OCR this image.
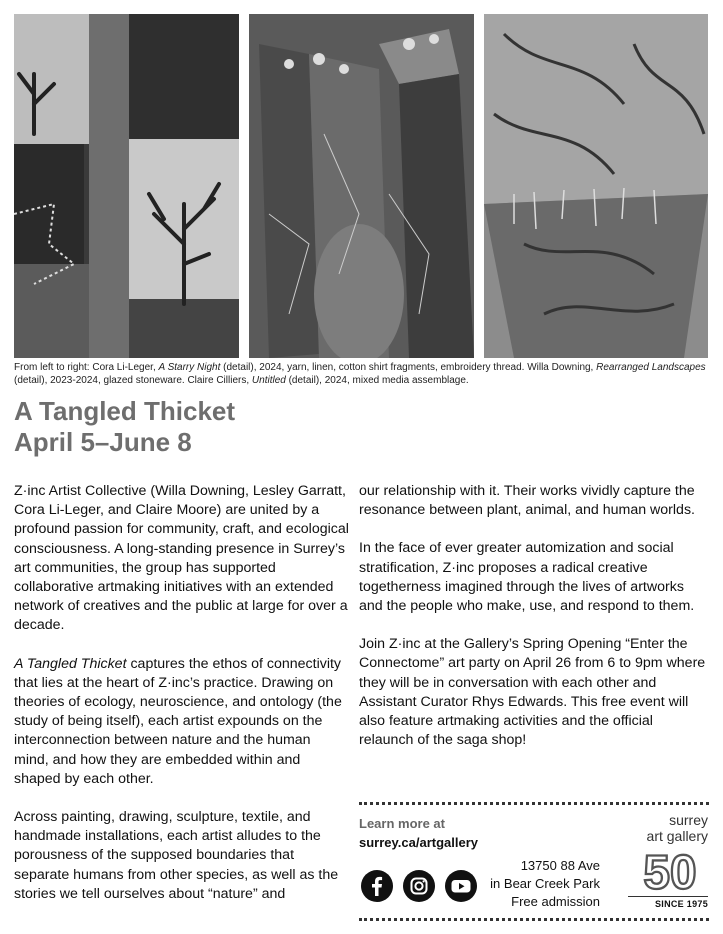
From left to right: Cora Li-Leger, A Starry Night (detail), 2024, yarn, linen, cotton shirt fragments, embroidery thread. Willa Downing, Rearranged Landscapes (detail), 2023-2024, glazed stoneware. Claire Cilliers, Untitled (detail), 2024, mixed media assemblage.
A Tangled Thicket
April 5–June 8

Z·inc Artist Collective (Willa Downing, Lesley Garratt, Cora Li-Leger, and Claire Moore) are united by a profound passion for community, craft, and ecological consciousness. A long-standing presence in Surrey’s art communities, the group has supported collaborative artmaking initiatives with an extended network of creatives and the public at large for over a decade.

A Tangled Thicket captures the ethos of connectivity that lies at the heart of Z·inc’s practice. Drawing on theories of ecology, neuroscience, and ontology (the study of being itself), each artist expounds on the interconnection between nature and the human mind, and how they are embedded within and shaped by each other.

Across painting, drawing, sculpture, textile, and handmade installations, each artist alludes to the porousness of the supposed boundaries that separate humans from other species, as well as the stories we tell ourselves about “nature” and

our relationship with it. Their works vividly capture the resonance between plant, animal, and human worlds.

In the face of ever greater automization and social stratification, Z·inc proposes a radical creative togetherness imagined through the lives of artworks and the people who make, use, and respond to them.

Join Z·inc at the Gallery’s Spring Opening “Enter the Connectome” art party on April 26 from 6 to 9pm where they will be in conversation with each other and Assistant Curator Rhys Edwards. This free event will also feature artmaking activities and the official relaunch of the saga shop!

Learn more at
surrey.ca/artgallery
13750 88 Ave
in Bear Creek Park
Free admission
surrey
art gallery
50
SINCE 1975
